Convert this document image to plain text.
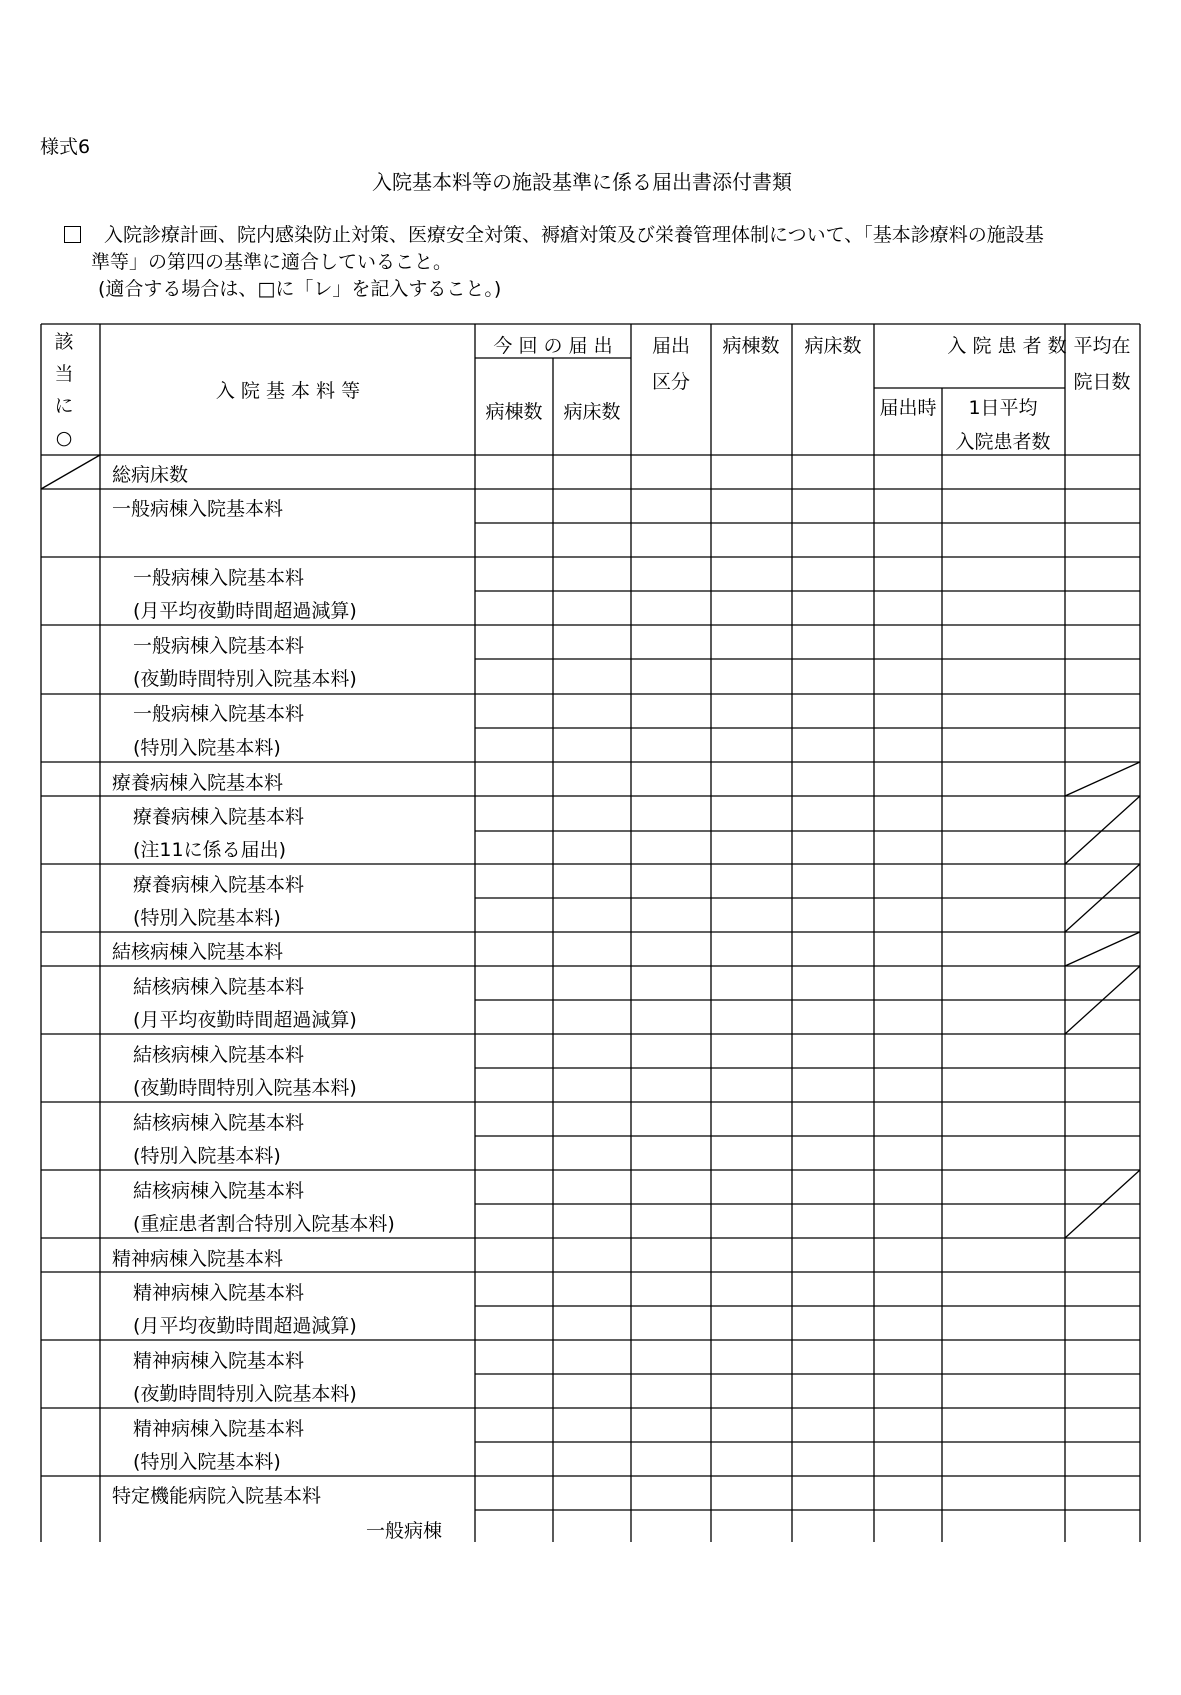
様式6
入院基本料等の施設基準に係る届出書添付書類
入院診療計画、院内感染防止対策、医療安全対策、褥瘡対策及び栄養管理体制について、「基本診療料の施設基
準等」の第四の基準に適合していること。
(適合する場合は、□に「レ」を記入すること。)
該
当
に
○
入 院 基 本 料 等
今 回 の 届 出
病棟数 病床数
届出
区分
病棟数 病床数	入 院 患 者 数
届出時 1日平均
入院患者数
平均在
院日数
総病床数
一般病棟入院基本料
一般病棟入院基本料
(月平均夜勤時間超過減算)
一般病棟入院基本料
(夜勤時間特別入院基本料)
一般病棟入院基本料
(特別入院基本料)
療養病棟入院基本料
療養病棟入院基本料
(注11に係る届出)
療養病棟入院基本料
(特別入院基本料)
結核病棟入院基本料
結核病棟入院基本料
(月平均夜勤時間超過減算)
結核病棟入院基本料
(夜勤時間特別入院基本料)
結核病棟入院基本料
(特別入院基本料)
結核病棟入院基本料
(重症患者割合特別入院基本料)
精神病棟入院基本料
精神病棟入院基本料
(月平均夜勤時間超過減算)
精神病棟入院基本料
(夜勤時間特別入院基本料)
精神病棟入院基本料
(特別入院基本料)
特定機能病院入院基本料
一般病棟
